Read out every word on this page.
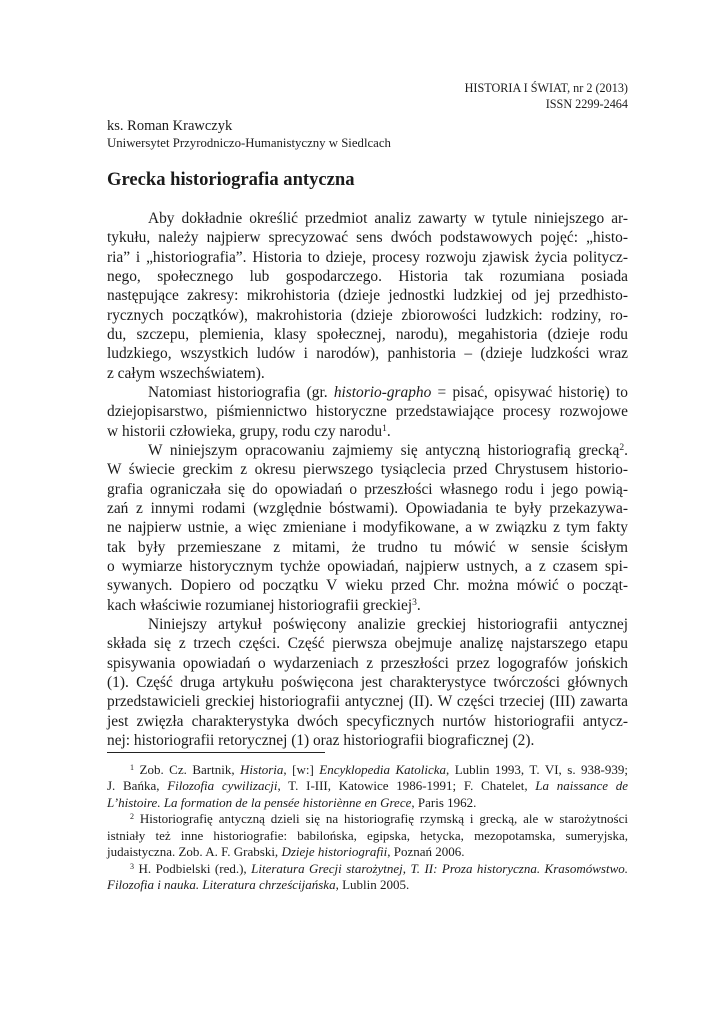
HISTORIA I ŚWIAT, nr 2 (2013)
ISSN 2299-2464
ks. Roman Krawczyk
Uniwersytet Przyrodniczo-Humanistyczny w Siedlcach
Grecka historiografia antyczna
Aby dokładnie określić przedmiot analiz zawarty w tytule niniejszego ar-
tykułu, należy najpierw sprecyzować sens dwóch podstawowych pojęć: „histo-
ria” i „historiografia”. Historia to dzieje, procesy rozwoju zjawisk życia politycz-
nego, społecznego lub gospodarczego. Historia tak rozumiana posiada
następujące zakresy: mikrohistoria (dzieje jednostki ludzkiej od jej przedhisto-
rycznych początków), makrohistoria (dzieje zbiorowości ludzkich: rodziny, ro-
du, szczepu, plemienia, klasy społecznej, narodu), megahistoria (dzieje rodu
ludzkiego, wszystkich ludów i narodów), panhistoria – (dzieje ludzkości wraz
z całym wszechświatem).
Natomiast historiografia (gr. historio-grapho = pisać, opisywać historię) to
dziejopisarstwo, piśmiennictwo historyczne przedstawiające procesy rozwojowe
w historii człowieka, grupy, rodu czy narodu$^1$.
W niniejszym opracowaniu zajmiemy się antyczną historiografią grecką$^2$.
W świecie greckim z okresu pierwszego tysiąclecia przed Chrystusem historio-
grafia ograniczała się do opowiadań o przeszłości własnego rodu i jego powią-
zań z innymi rodami (względnie bóstwami). Opowiadania te były przekazywa-
ne najpierw ustnie, a więc zmieniane i modyfikowane, a w związku z tym fakty
tak były przemieszane z mitami, że trudno tu mówić w sensie ścisłym
o wymiarze historycznym tychże opowiadań, najpierw ustnych, a z czasem spi-
sywanych. Dopiero od początku V wieku przed Chr. można mówić o począt-
kach właściwie rozumianej historiografii greckiej$^3$.
Niniejszy artykuł poświęcony analizie greckiej historiografii antycznej
składa się z trzech części. Część pierwsza obejmuje analizę najstarszego etapu
spisywania opowiadań o wydarzeniach z przeszłości przez logografów jońskich
(1). Część druga artykułu poświęcona jest charakterystyce twórczości głównych
przedstawicieli greckiej historiografii antycznej (II). W części trzeciej (III) zawarta
jest zwięzła charakterystyka dwóch specyficznych nurtów historiografii antycz-
nej: historiografii retorycznej (1) oraz historiografii biograficznej (2).
$^1$ Zob. Cz. Bartnik, Historia, [w:] Encyklopedia Katolicka, Lublin 1993, T. VI, s. 938-939;
J. Bańka, Filozofia cywilizacji, T. I-III, Katowice 1986-1991; F. Chatelet, La naissance de
L’histoire. La formation de la pensée historiènne en Grece, Paris 1962.
$^2$ Historiografię antyczną dzieli się na historiografię rzymską i grecką, ale w starożytności
istniały też inne historiografie: babilońska, egipska, hetycka, mezopotamska, sumeryjska,
judaistyczna. Zob. A. F. Grabski, Dzieje historiografii, Poznań 2006.
$^3$ H. Podbielski (red.), Literatura Grecji starożytnej, T. II: Proza historyczna. Krasomówstwo.
Filozofia i nauka. Literatura chrześcijańska, Lublin 2005.
